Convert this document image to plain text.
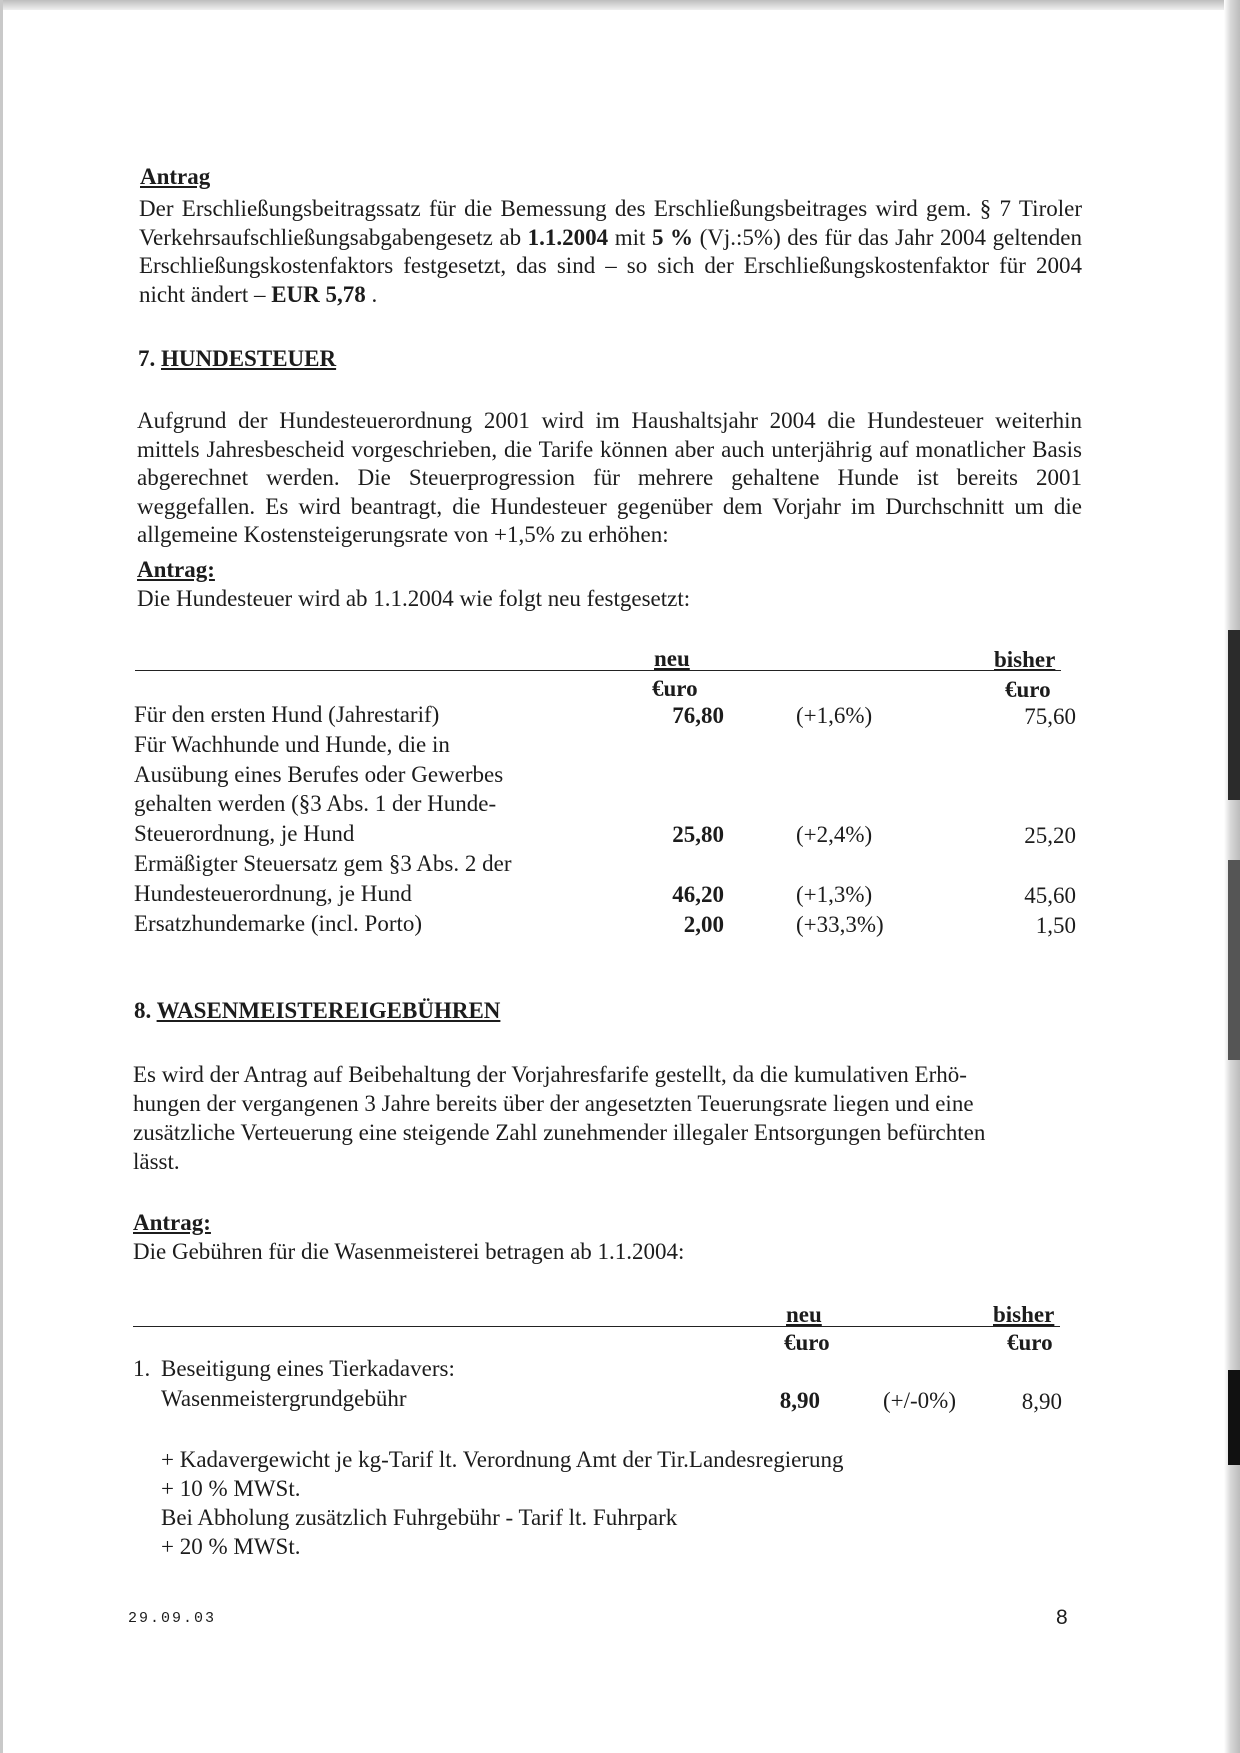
Antrag
Der Erschließungsbeitragssatz für die Bemessung des Erschließungsbeitrages wird gem. § 7 Tiroler Verkehrsaufschließungsabgabengesetz ab 1.1.2004 mit 5 % (Vj.:5%) des für das Jahr 2004 geltenden Erschließungskostenfaktors festgesetzt, das sind – so sich der Erschließungskostenfaktor für 2004 nicht ändert – EUR 5,78 .
7. HUNDESTEUER
Aufgrund der Hundesteuerordnung 2001 wird im Haushaltsjahr 2004 die Hundesteuer weiterhin mittels Jahresbescheid vorgeschrieben, die Tarife können aber auch unterjährig auf monatlicher Basis abgerechnet werden. Die Steuerprogression für mehrere gehaltene Hunde ist bereits 2001 weggefallen. Es wird beantragt, die Hundesteuer gegenüber dem Vorjahr im Durchschnitt um die allgemeine Kostensteigerungsrate von +1,5% zu erhöhen:
Antrag:
Die Hundesteuer wird ab 1.1.2004 wie folgt neu festgesetzt:
neu	bisher
€uro	€uro
Für den ersten Hund (Jahrestarif)	76,80	(+1,6%)	75,60
Für Wachhunde und Hunde, die in
Ausübung eines Berufes oder Gewerbes
gehalten werden (§3 Abs. 1 der Hunde-
Steuerordnung, je Hund	25,80	(+2,4%)	25,20
Ermäßigter Steuersatz gem §3 Abs. 2 der
Hundesteuerordnung, je Hund	46,20	(+1,3%)	45,60
Ersatzhundemarke (incl. Porto)	2,00	(+33,3%)	1,50
8. WASENMEISTEREIGEBÜHREN
Es wird der Antrag auf Beibehaltung der Vorjahresfarife gestellt, da die kumulativen Erhö-
hungen der vergangenen 3 Jahre bereits über der angesetzten Teuerungsrate liegen und eine
zusätzliche Verteuerung eine steigende Zahl zunehmender illegaler Entsorgungen befürchten
lässt.
Antrag:
Die Gebühren für die Wasenmeisterei betragen ab 1.1.2004:
neu	bisher
€uro	€uro
1. Beseitigung eines Tierkadavers:
Wasenmeistergrundgebühr	8,90	(+/-0%)	8,90
+ Kadavergewicht je kg-Tarif lt. Verordnung Amt der Tir.Landesregierung
+ 10 % MWSt.
Bei Abholung zusätzlich Fuhrgebühr - Tarif lt. Fuhrpark
+ 20 % MWSt.
29.09.03	8
